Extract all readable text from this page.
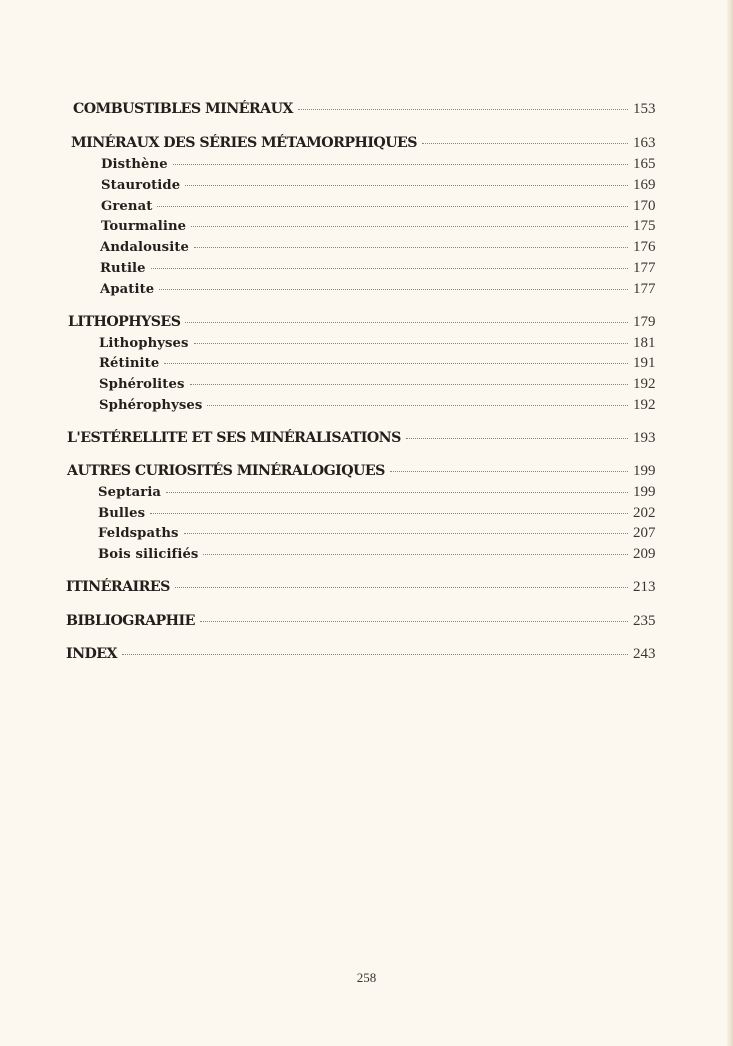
COMBUSTIBLES MINÉRAUX	153
MINÉRAUX DES SÉRIES MÉTAMORPHIQUES	163
Disthène	165
Staurotide	169
Grenat	170
Tourmaline	175
Andalousite	176
Rutile	177
Apatite	177
LITHOPHYSES	179
Lithophyses	181
Rétinite	191
Sphérolites	192
Sphérophyses	192
L'ESTÉRELLITE ET SES MINÉRALISATIONS	193
AUTRES CURIOSITÉS MINÉRALOGIQUES	199
Septaria	199
Bulles	202
Feldspaths	207
Bois silicifiés	209
ITINÉRAIRES	213
BIBLIOGRAPHIE	235
INDEX	243
258
